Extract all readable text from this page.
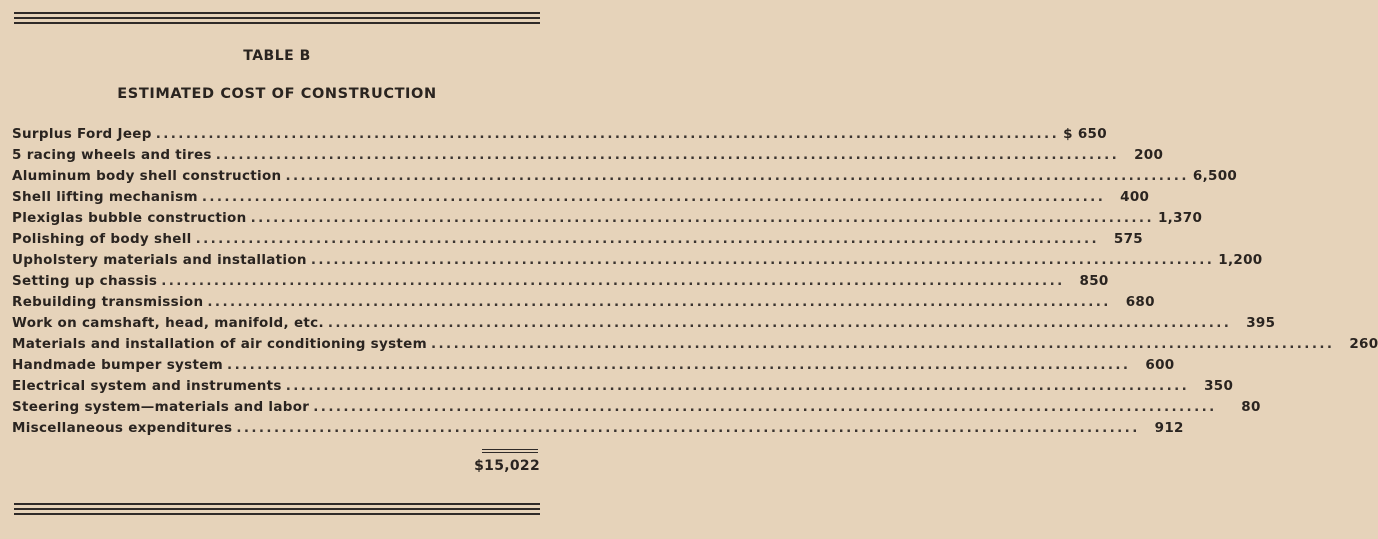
TABLE B
ESTIMATED COST OF CONSTRUCTION
Surplus Ford Jeep ........................................................................................................................ $ 650
5 racing wheels and tires ........................................................................................................................	200
Aluminum body shell construction ........................................................................................................................ 6,500
Shell lifting mechanism ........................................................................................................................	400
Plexiglas bubble construction ........................................................................................................................ 1,370
Polishing of body shell ........................................................................................................................	575
Upholstery materials and installation ........................................................................................................................ 1,200
Setting up chassis ........................................................................................................................	850
Rebuilding transmission ........................................................................................................................	680
Work on camshaft, head, manifold, etc. ........................................................................................................................	395
Materials and installation of air conditioning system ........................................................................................................................	260
Handmade bumper system ........................................................................................................................	600
Electrical system and instruments ........................................................................................................................	350
Steering system—materials and labor ........................................................................................................................	80
Miscellaneous expenditures ........................................................................................................................	912
$15,022
